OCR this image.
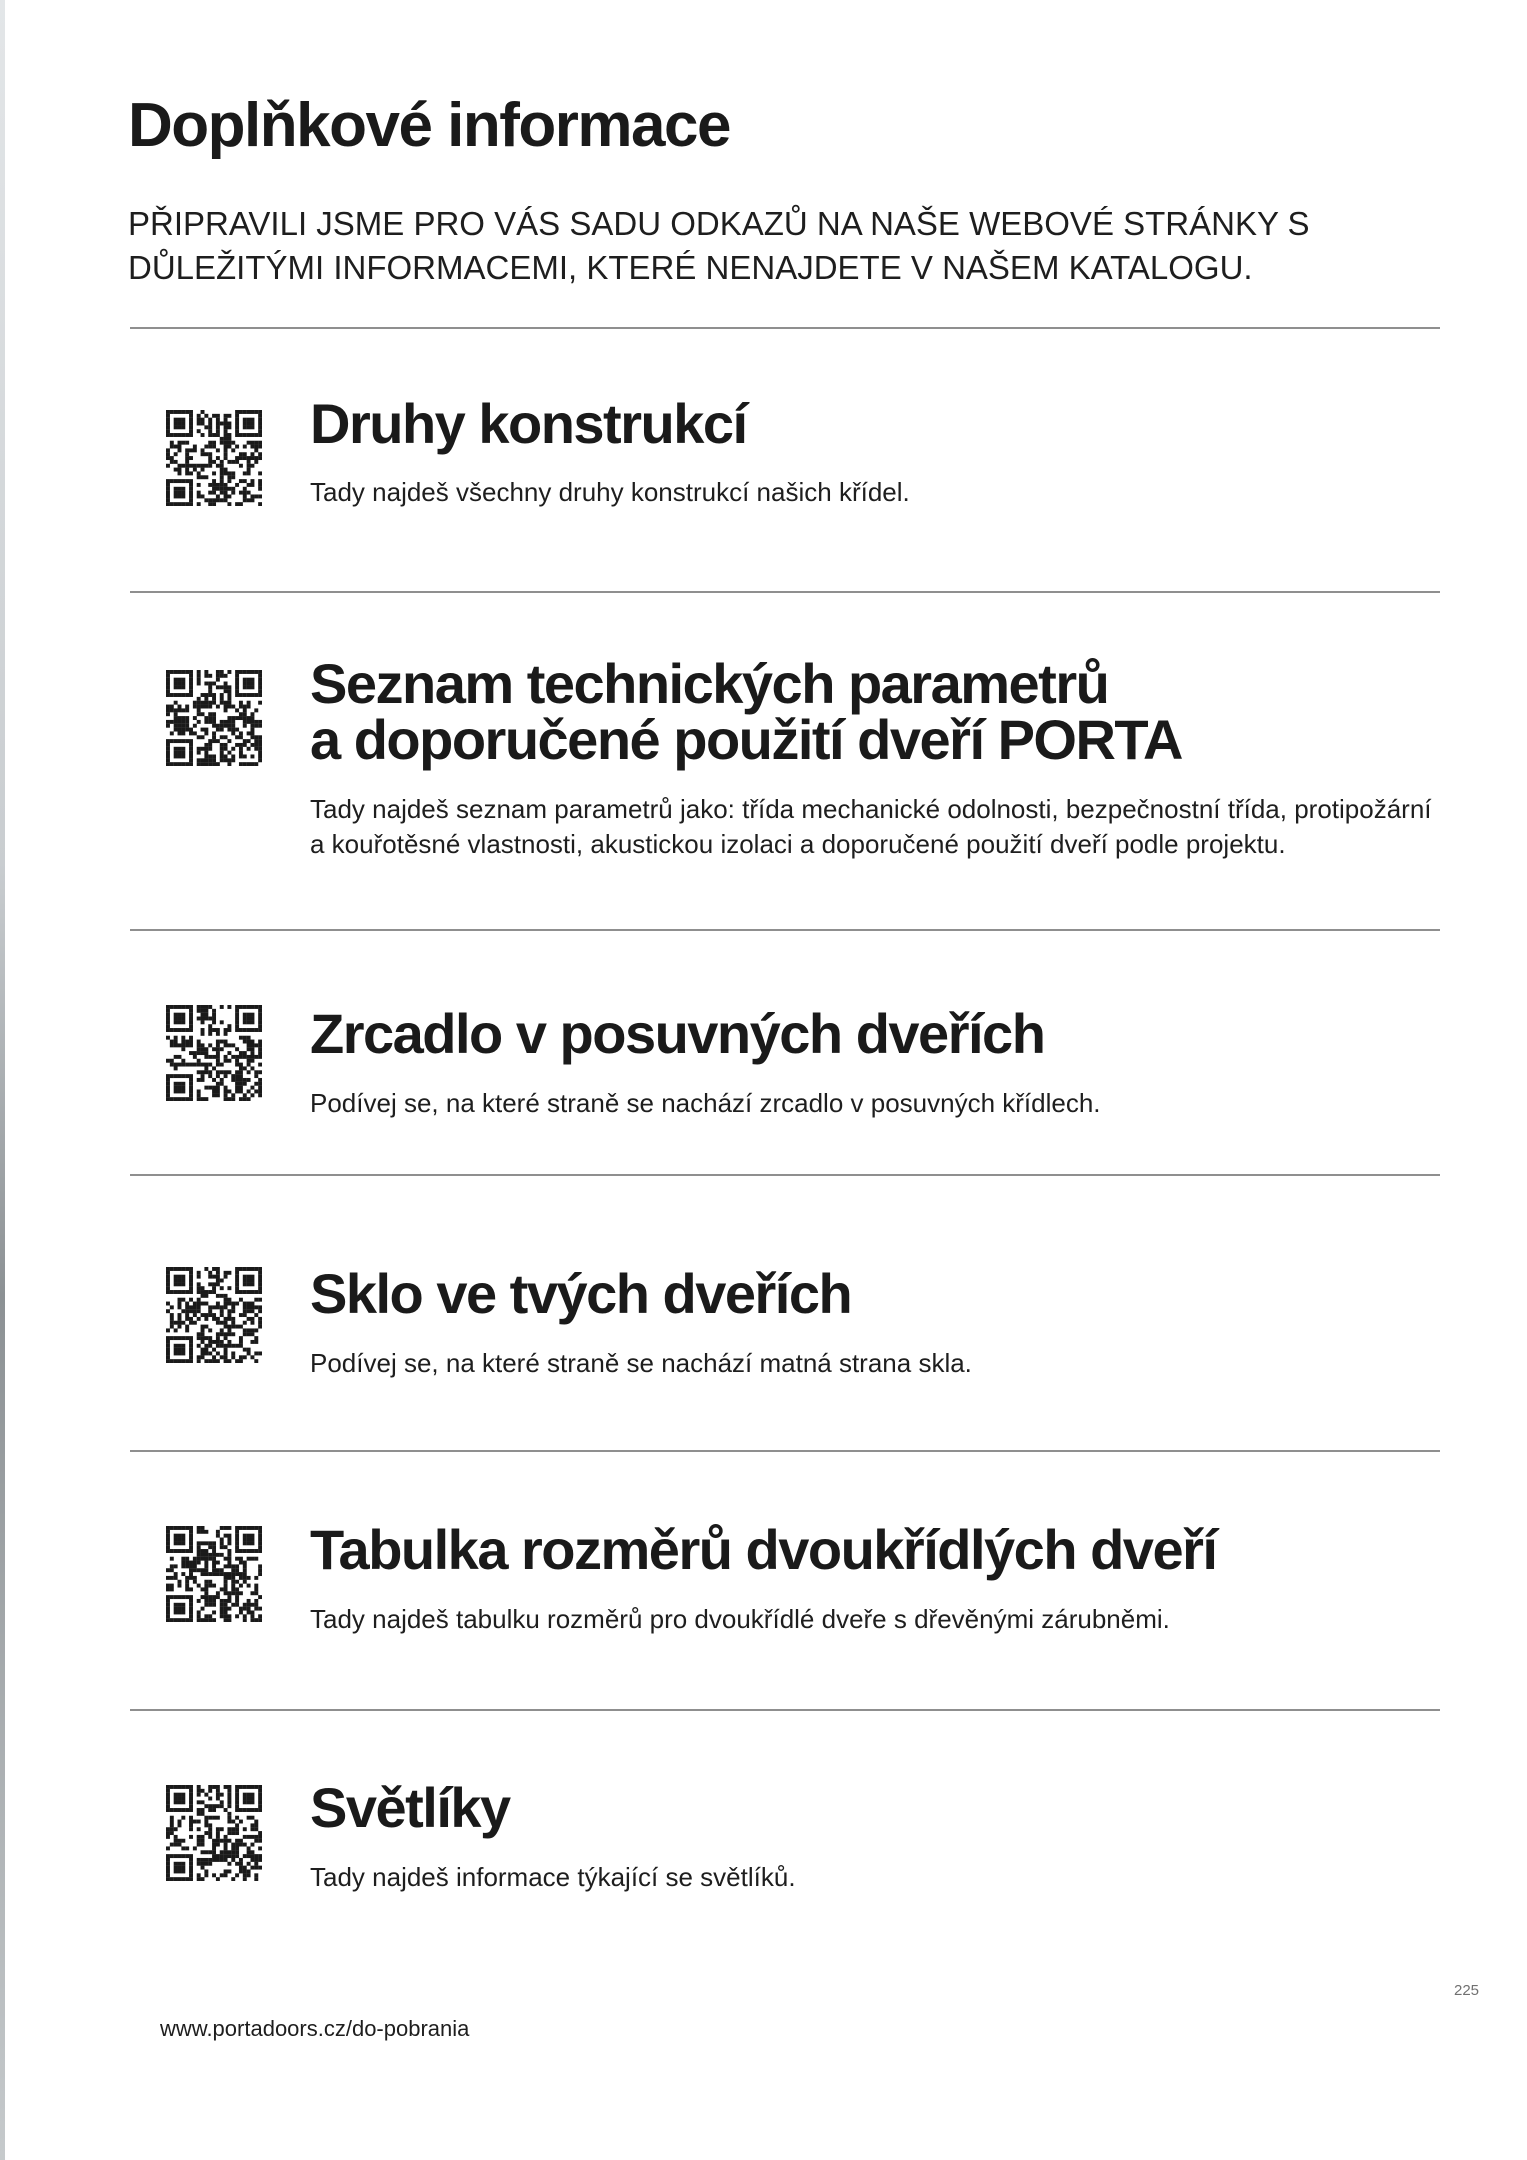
Doplňkové informace

PŘIPRAVILI JSME PRO VÁS SADU ODKAZŮ NA NAŠE WEBOVÉ STRÁNKY S DŮLEŽITÝMI INFORMACEMI, KTERÉ NENAJDETE V NAŠEM KATALOGU.

Druhy konstrukcí

Tady najdeš všechny druhy konstrukcí našich křídel.

Seznam technických parametrů
a doporučené použití dveří PORTA

Tady najdeš seznam parametrů jako: třída mechanické odolnosti, bezpečnostní třída, protipožární
a kouřotěsné vlastnosti, akustickou izolaci a doporučené použití dveří podle projektu.

Zrcadlo v posuvných dveřích

Podívej se, na které straně se nachází zrcadlo v posuvných křídlech.

Sklo ve tvých dveřích

Podívej se, na které straně se nachází matná strana skla.

Tabulka rozměrů dvoukřídlých dveří

Tady najdeš tabulku rozměrů pro dvoukřídlé dveře s dřevěnými zárubněmi.

Světlíky

Tady najdeš informace týkající se světlíků.

www.portadoors.cz/do-pobrania

225
